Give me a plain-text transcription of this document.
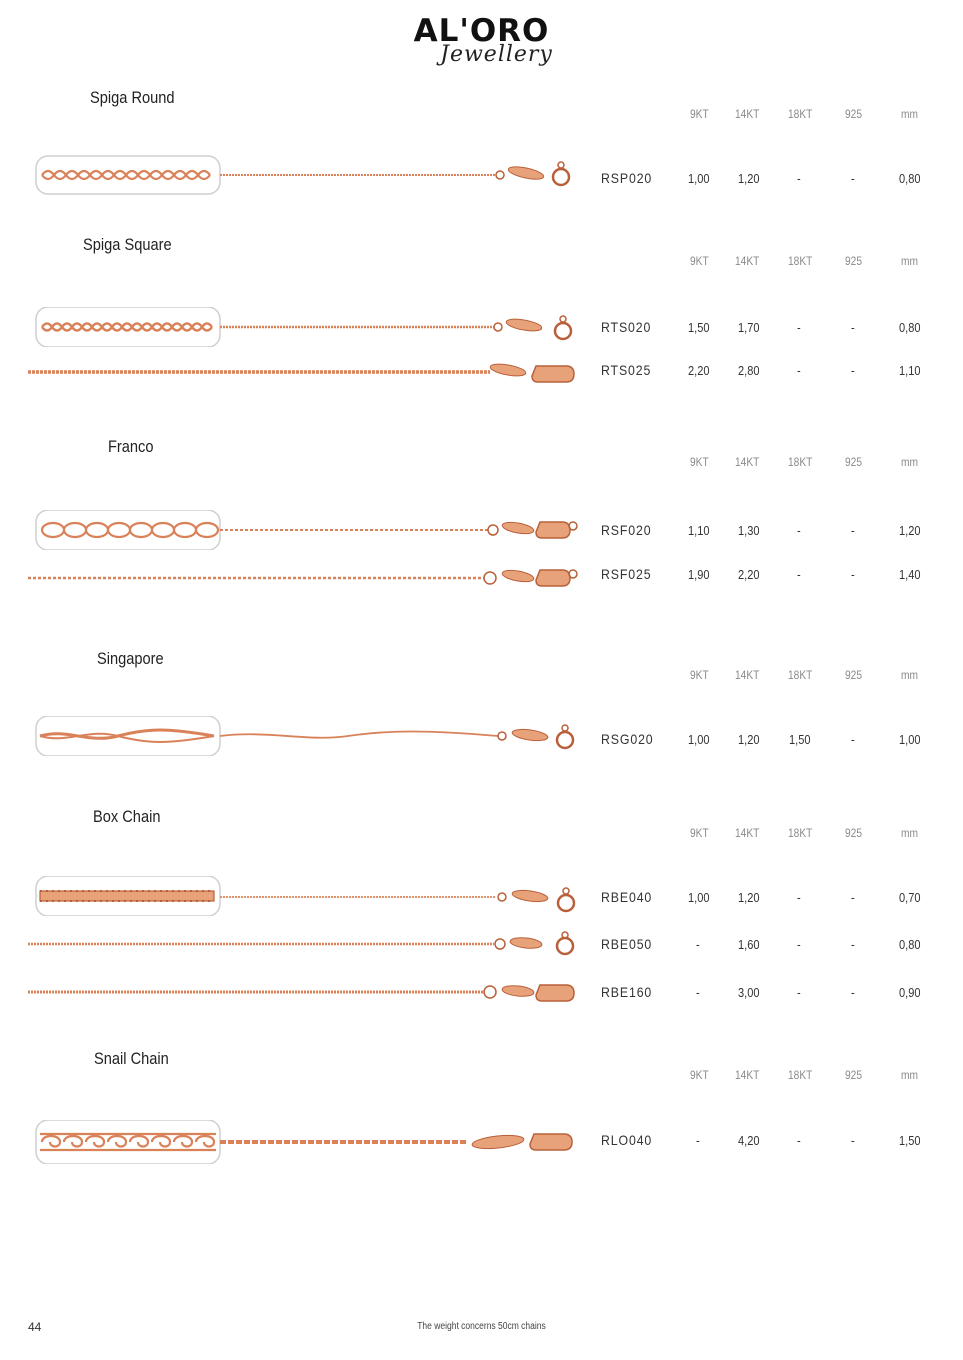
AL'ORO
Jewellery
Spiga Round
9KT 14KT 18KT	925	mm
RSP020	1,00 1,20	-	-	0,80
Spiga Square
9KT 14KT 18KT	925	mm
RTS020	1,50 1,70	-	-	0,80
RTS025	2,20 2,80	-	-	1,10
Franco
9KT 14KT 18KT	925	mm
RSF020	1,10 1,30	-	-	1,20
RSF025	1,90 2,20	-	-	1,40
Singapore
9KT 14KT 18KT	925	mm
RSG020	1,00 1,20 1,50	-	1,00
Box Chain
9KT 14KT 18KT	925	mm
RBE040	1,00 1,20	-	-	0,70
RBE050	-	1,60	-	-	0,80
RBE160	-	3,00	-	-	0,90
Snail Chain
9KT 14KT 18KT	925	mm
RLO040	-	4,20	-	-	1,50
44	The weight concerns 50cm chains
